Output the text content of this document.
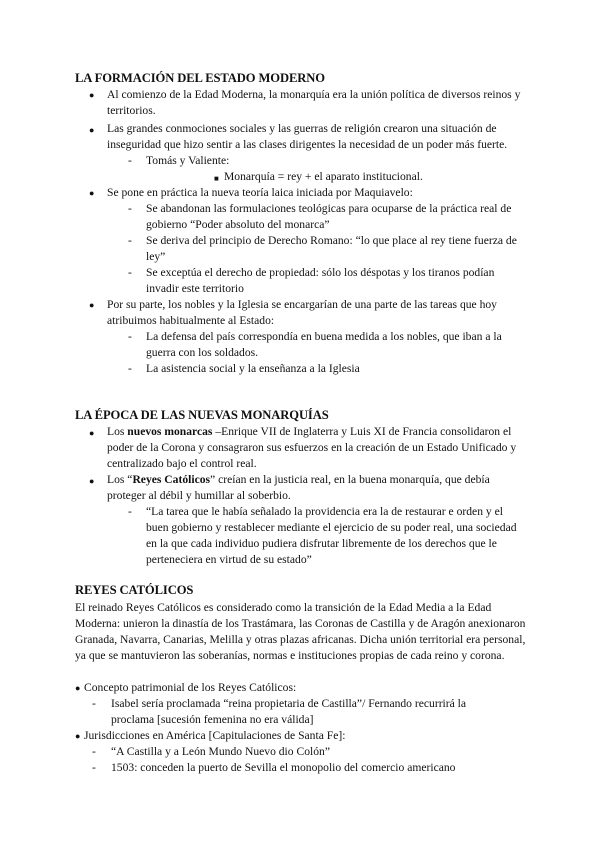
LA FORMACIÓN DEL ESTADO MODERNO
● Al comienzo de la Edad Moderna, la monarquía era la unión política de diversos reinos y territorios.

● Las grandes conmociones sociales y las guerras de religión crearon una situación de inseguridad que hizo sentir a las clases dirigentes la necesidad de un poder más fuerte.

- Tomás y Valiente:

■ Monarquía = rey + el aparato institucional.

● Se pone en práctica la nueva teoría laica iniciada por Maquiavelo:

- Se abandonan las formulaciones teológicas para ocuparse de la práctica real de gobierno “Poder absoluto del monarca”

- Se deriva del principio de Derecho Romano: “lo que place al rey tiene fuerza de ley”

- Se exceptúa el derecho de propiedad: sólo los déspotas y los tiranos podían invadir este territorio

● Por su parte, los nobles y la Iglesia se encargarían de una parte de las tareas que hoy atribuimos habitualmente al Estado:

- La defensa del país correspondía en buena medida a los nobles, que iban a la guerra con los soldados.

- La asistencia social y la enseñanza a la Iglesia

LA ÉPOCA DE LAS NUEVAS MONARQUÍAS
● Los nuevos monarcas –Enrique VII de Inglaterra y Luis XI de Francia consolidaron el poder de la Corona y consagraron sus esfuerzos en la creación de un Estado Unificado y centralizado bajo el control real.

● Los “Reyes Católicos” creían en la justicia real, en la buena monarquía, que debía proteger al débil y humillar al soberbio.

- “La tarea que le había señalado la providencia era la de restaurar e orden y el buen gobierno y restablecer mediante el ejercicio de su poder real, una sociedad en la que cada individuo pudiera disfrutar libremente de los derechos que le perteneciera en virtud de su estado”

REYES CATÓLICOS

El reinado Reyes Católicos es considerado como la transición de la Edad Media a la Edad Moderna: unieron la dinastía de los Trastámara, las Coronas de Castilla y de Aragón anexionaron Granada, Navarra, Canarias, Melilla y otras plazas africanas. Dicha unión territorial era personal, ya que se mantuvieron las soberanías, normas e instituciones propias de cada reino y corona.

● Concepto patrimonial de los Reyes Católicos:

- Isabel sería proclamada “reina propietaria de Castilla”/ Fernando recurrirá la proclama [sucesión femenina no era válida]

● Jurisdicciones en América [Capitulaciones de Santa Fe]:

- “A Castilla y a León Mundo Nuevo dio Colón”

- 1503: conceden la puerto de Sevilla el monopolio del comercio americano
